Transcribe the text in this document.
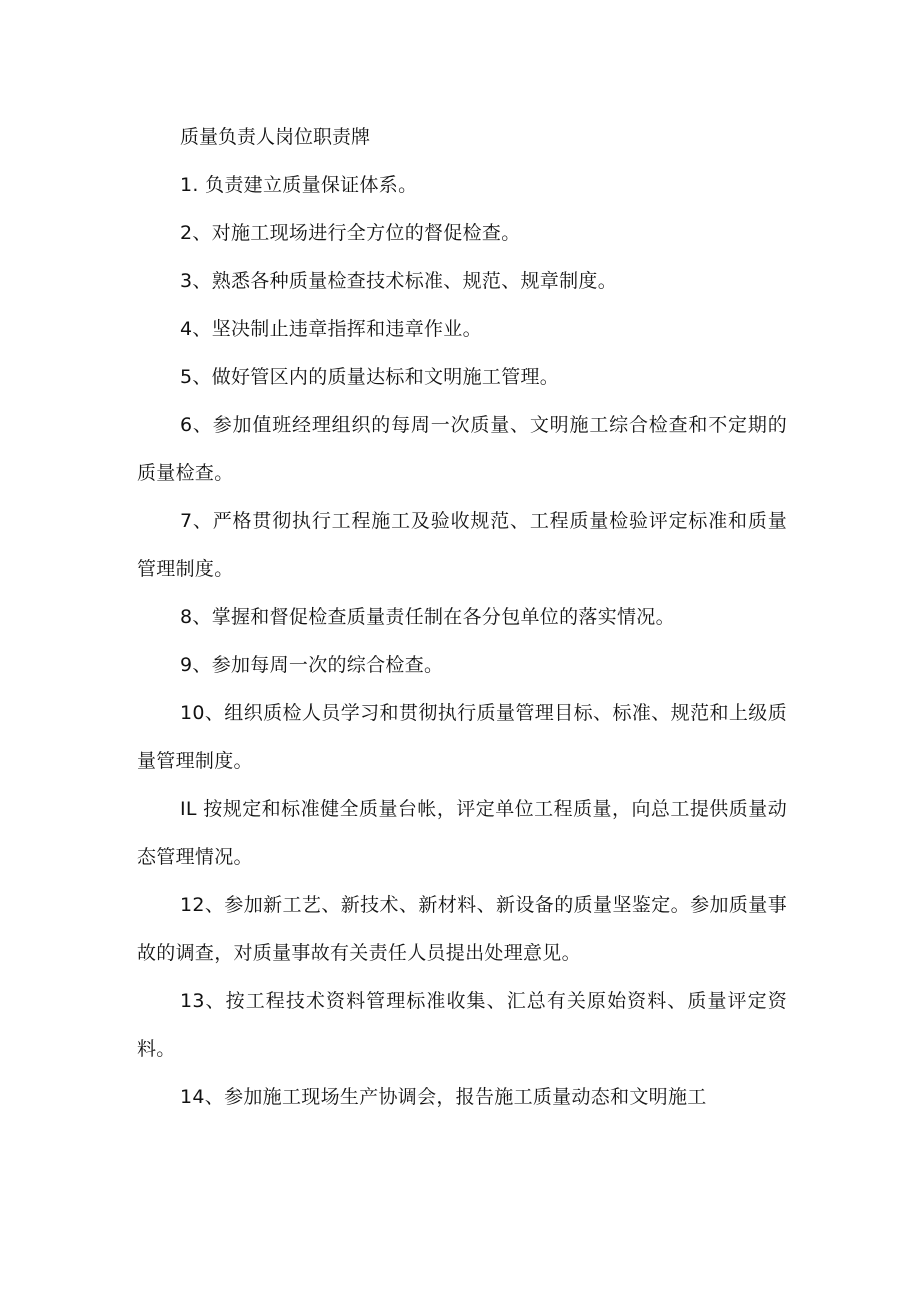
质量负责人岗位职责牌

1. 负责建立质量保证体系。

2、对施工现场进行全方位的督促检查。

3、熟悉各种质量检查技术标准、规范、规章制度。

4、坚决制止违章指挥和违章作业。

5、做好管区内的质量达标和文明施工管理。

6、参加值班经理组织的每周一次质量、文明施工综合检查和不定期的质量检查。

7、严格贯彻执行工程施工及验收规范、工程质量检验评定标准和质量管理制度。

8、掌握和督促检查质量责任制在各分包单位的落实情况。

9、参加每周一次的综合检查。

10、组织质检人员学习和贯彻执行质量管理目标、标准、规范和上级质量管理制度。

IL 按规定和标准健全质量台帐，评定单位工程质量，向总工提供质量动态管理情况。

12、参加新工艺、新技术、新材料、新设备的质量坚鉴定。参加质量事故的调查，对质量事故有关责任人员提出处理意见。

13、按工程技术资料管理标准收集、汇总有关原始资料、质量评定资料。

14、参加施工现场生产协调会，报告施工质量动态和文明施工
